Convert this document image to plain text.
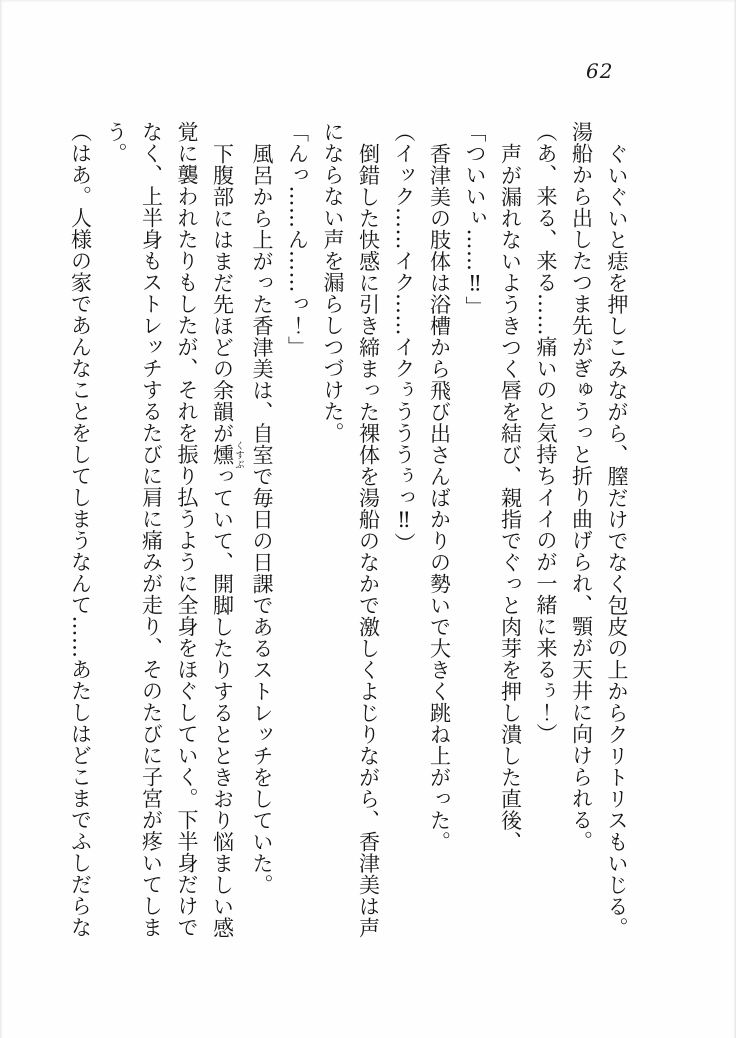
62

ぐいぐいと痣を押しこみながら、膣だけでなく包皮の上からクリトリスもいじる。

湯船から出したつま先がぎゅうっと折り曲げられ、顎が天井に向けられる。

（あ、来る、来る……痛いのと気持ちイイのが一緒に来るぅ！）

声が漏れないようきつく唇を結び、親指でぐっと肉芽を押し潰した直後、

「ついいぃ……‼」

香津美の肢体は浴槽から飛び出さんばかりの勢いで大きく跳ね上がった。

（イック……イク……イクぅうううぅっ‼）

倒錯した快感に引き締まった裸体を湯船のなかで激しくよじりながら、香津美は声

にならない声を漏らしつづけた。

「んっ……ん……っ！」

風呂から上がった香津美は、自室で毎日の日課であるストレッチをしていた。

下腹部にはまだ先ほどの余韻が燻くすぶっていて、開脚したりするとときおり悩ましい感

覚に襲われたりもしたが、それを振り払うように全身をほぐしていく。下半身だけで

なく、上半身もストレッチするたびに肩に痛みが走り、そのたびに子宮が疼いてしま

う。

（はあ。人様の家であんなことをしてしまうなんて……あたしはどこまでふしだらな
